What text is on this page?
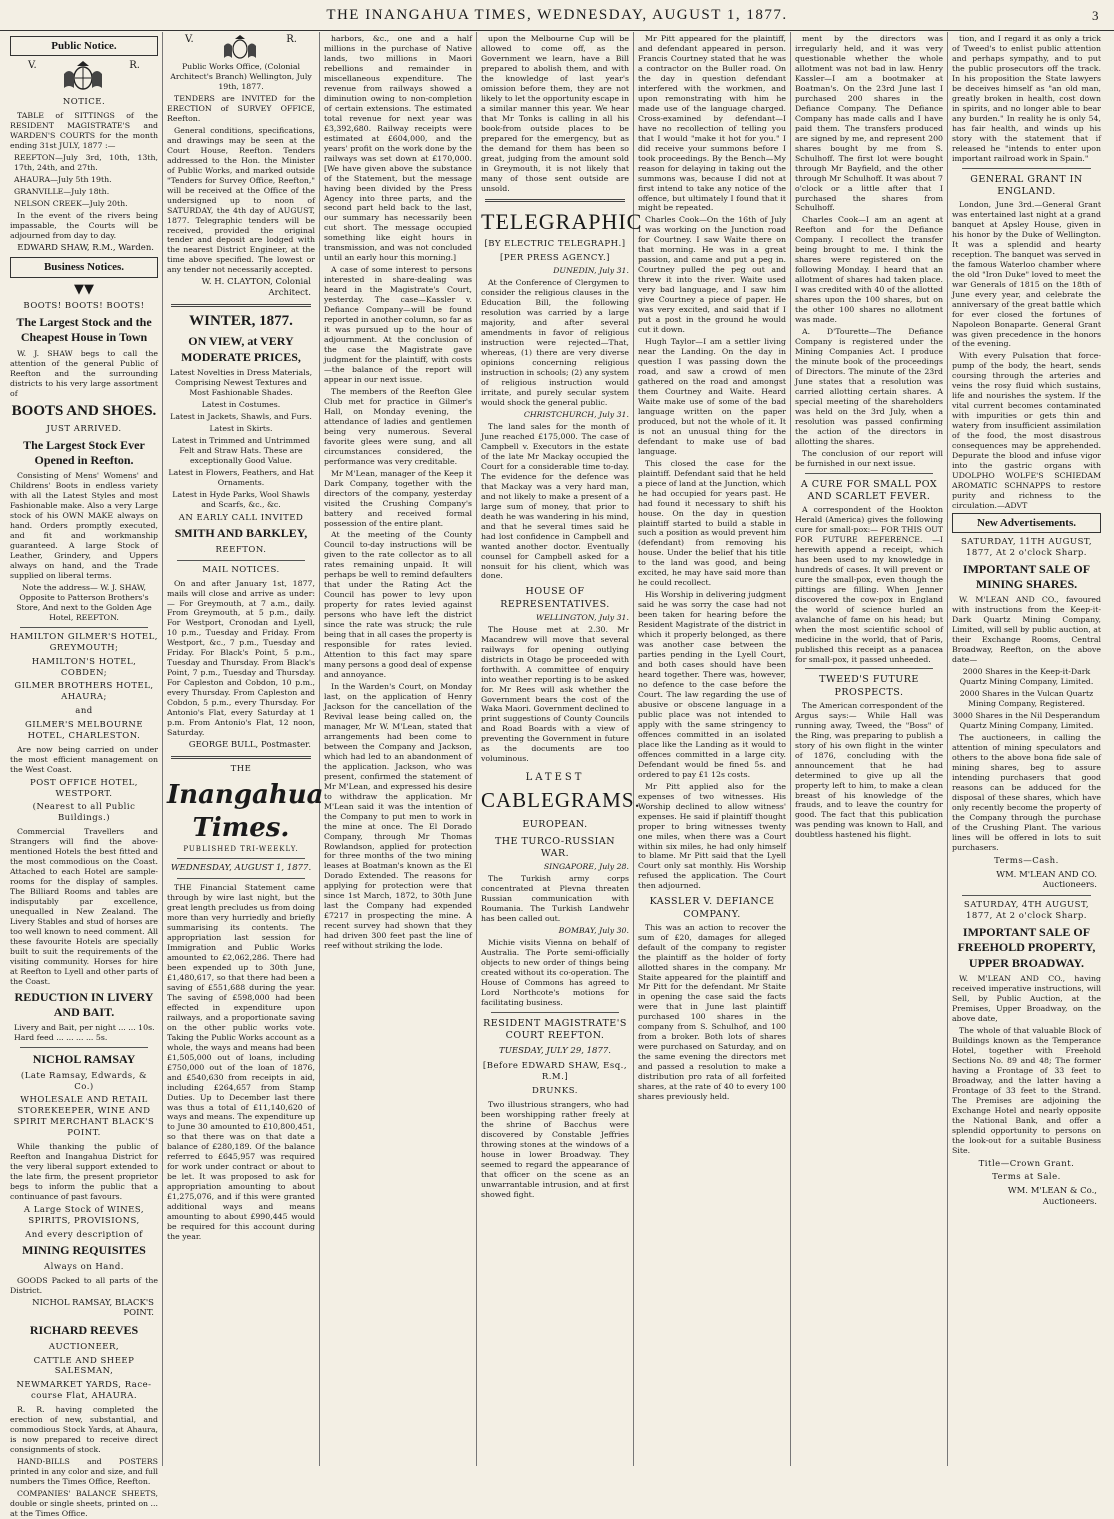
THE INANGAHUA TIMES, WEDNESDAY, AUGUST 1, 1877.	3
Public Notice.
V.	R.
NOTICE.

TABLE of SITTINGS of the RESIDENT MAGISTRATE'S and WARDEN'S COURTS for the month ending 31st JULY, 1877 :—

REEFTON—July 3rd, 10th, 13th, 17th, 24th, and 27th.

AHAURA—July 5th 19th.

GRANVILLE—July 18th.

NELSON CREEK—July 20th.

In the event of the rivers being impassable, the Courts will be adjourned from day to day.

EDWARD SHAW, R.M., Warden.
Business Notices.
▼▼
BOOTS! BOOTS! BOOTS!
The Largest Stock and the Cheapest House in Town

W. J. SHAW begs to call the attention of the general Public of Reefton and the surrounding districts to his very large assortment of

BOOTS AND SHOES.
JUST ARRIVED.
The Largest Stock Ever Opened in Reefton.

Consisting of Mens' Womens' and Childrens' Boots in endless variety with all the Latest Styles and most Fashionable make. Also a very Large stock of his OWN MAKE always on hand. Orders promptly executed, and fit and workmanship guaranteed. A large Stock of Leather, Grindery, and Uppers always on hand, and the Trade supplied on liberal terms.

Note the address— W. J. SHAW, Opposite to Patterson Brothers's Store, And next to the Golden Age Hotel, REEFTON.

HAMILTON GILMER'S HOTEL, GREYMOUTH;
HAMILTON'S HOTEL, COBDEN;
GILMER BROTHERS HOTEL, AHAURA;
and
GILMER'S MELBOURNE HOTEL, CHARLESTON.

Are now being carried on under the most efficient management on the West Coast.

POST OFFICE HOTEL, WESTPORT.
(Nearest to all Public Buildings.)

Commercial Travellers and Strangers will find the above-mentioned Hotels the best fitted and the most commodious on the Coast. Attached to each Hotel are sample-rooms for the display of samples. The Billiard Rooms and tables are indisputably par excellence, unequalled in New Zealand. The Livery Stables and stud of horses are too well known to need comment. All these favourite Hotels are specially built to suit the requirements of the visiting community. Horses for hire at Reefton to Lyell and other parts of the Coast.

REDUCTION IN LIVERY AND BAIT.
Livery and Bait, per night ... ... 10s.
Hard feed ... ... ... ... 5s.
NICHOL RAMSAY
(Late Ramsay, Edwards, & Co.)
WHOLESALE AND RETAIL STOREKEEPER, WINE AND SPIRIT MERCHANT BLACK'S POINT.

While thanking the public of Reefton and Inangahua District for the very liberal support extended to the late firm, the present proprietor begs to inform the public that a continuance of past favours.

A Large Stock of WINES, SPIRITS, PROVISIONS,
And every description of
MINING REQUISITES
Always on Hand.

GOODS Packed to all parts of the District.

NICHOL RAMSAY, BLACK'S POINT.
RICHARD REEVES
AUCTIONEER,
CATTLE AND SHEEP SALESMAN,
NEWMARKET YARDS, Race-course Flat, AHAURA.

R. R. having completed the erection of new, substantial, and commodious Stock Yards, at Ahaura, is now prepared to receive direct consignments of stock.

HAND-BILLS and POSTERS printed in any color and size, and full numbers the Times Office, Reefton.

COMPANIES' BALANCE SHEETS, double or single sheets, printed on ... at the Times Office.

V.	R.

Public Works Office, (Colonial Architect's Branch) Wellington, July 19th, 1877.

TENDERS are INVITED for the ERECTION of SURVEY OFFICE, Reefton.

General conditions, specifications, and drawings may be seen at the Court House, Reefton. Tenders addressed to the Hon. the Minister of Public Works, and marked outside "Tenders for Survey Office, Reefton," will be received at the Office of the undersigned up to noon of SATURDAY, the 4th day of AUGUST, 1877. Telegraphic tenders will be received, provided the original tender and deposit are lodged with the nearest District Engineer, at the time above specified. The lowest or any tender not necessarily accepted.

W. H. CLAYTON, Colonial Architect.
WINTER, 1877.
ON VIEW, at VERY MODERATE PRICES,

Latest Novelties in Dress Materials, Comprising Newest Textures and Most Fashionable Shades.

Latest in Costumes.

Latest in Jackets, Shawls, and Furs.

Latest in Skirts.

Latest in Trimmed and Untrimmed Felt and Straw Hats. These are exceptionally Good Value.

Latest in Flowers, Feathers, and Hat Ornaments.

Latest in Hyde Parks, Wool Shawls and Scarfs, &c., &c.

AN EARLY CALL INVITED
SMITH AND BARKLEY,
REEFTON.
MAIL NOTICES.

On and after January 1st, 1877, mails will close and arrive as under:— For Greymouth, at 7 a.m., daily. From Greymouth, at 5 p.m., daily. For Westport, Cronodan and Lyell, 10 p.m., Tuesday and Friday. From Westport, &c., 7 p.m., Tuesday and Friday. For Black's Point, 5 p.m., Tuesday and Thursday. From Black's Point, 7 p.m., Tuesday and Thursday. For Capleston and Cobdon, 10 p.m., every Thursday. From Capleston and Cobdon, 5 p.m., every Thursday. For Antonio's Flat, every Saturday at 1 p.m. From Antonio's Flat, 12 noon, Saturday.

GEORGE BULL, Postmaster.
THE
Inangahua Times.
PUBLISHED TRI-WEEKLY.
WEDNESDAY, AUGUST 1, 1877.

THE Financial Statement came through by wire last night, but the great length precludes us from doing more than very hurriedly and briefly summarising its contents. The appropriation last session for Immigration and Public Works amounted to £2,062,286. There had been expended up to 30th June, £1,480,617, so that there had been a saving of £551,688 during the year. The saving of £598,000 had been effected in expenditure upon railways, and a proportionate saving on the other public works vote. Taking the Public Works account as a whole, the ways and means had been £1,505,000 out of loans, including £750,000 out of the loan of 1876, and £540,630 from receipts in aid, including £264,657 from Stamp Duties. Up to December last there was thus a total of £11,140,620 of ways and means. The expenditure up to June 30 amounted to £10,800,451, so that there was on that date a balance of £280,189. Of the balance referred to £645,957 was required for work under contract or about to be let. It was proposed to ask for appropriation amounting to about £1,275,076, and if this were granted additional ways and means amounting to about £990,445 would be required for this account during the year.

harbors, &c., one and a half millions in the purchase of Native lands, two millions in Maori rebellions and remainder in miscellaneous expenditure. The revenue from railways showed a diminution owing to non-completion of certain extensions. The estimated total revenue for next year was £3,392,680. Railway receipts were estimated at £604,000, and the years' profit on the work done by the railways was set down at £170,000. [We have given above the substance of the Statement, but the message having been divided by the Press Agency into three parts, and the second part held back to the last, our summary has necessarily been cut short. The message occupied something like eight hours in transmission, and was not concluded until an early hour this morning.]

A case of some interest to persons interested in share-dealing was heard in the Magistrate's Court, yesterday. The case—Kassler v. Defiance Company—will be found reported in another column, so far as it was pursued up to the hour of adjournment. At the conclusion of the case the Magistrate gave judgment for the plaintiff, with costs—the balance of the report will appear in our next issue.

The members of the Reefton Glee Club met for practice in Gilmer's Hall, on Monday evening, the attendance of ladies and gentlemen being very numerous. Several favorite glees were sung, and all circumstances considered, the performance was very creditable.

Mr M'Lean, manager of the Keep it Dark Company, together with the directors of the company, yesterday visited the Crushing Company's battery and received formal possession of the entire plant.

At the meeting of the County Council to-day instructions will be given to the rate collector as to all rates remaining unpaid. It will perhaps be well to remind defaulters that under the Rating Act the Council has power to levy upon property for rates levied against persons who have left the district since the rate was struck; the rule being that in all cases the property is responsible for rates levied. Attention to this fact may spare many persons a good deal of expense and annoyance.

In the Warden's Court, on Monday last, on the application of Henry Jackson for the cancellation of the Revival lease being called on, the manager, Mr W. M'Lean, stated that arrangements had been come to between the Company and Jackson, which had led to an abandonment of the application. Jackson, who was present, confirmed the statement of Mr M'Lean, and expressed his desire to withdraw the application. Mr M'Lean said it was the intention of the Company to put men to work in the mine at once. The El Dorado Company, through Mr Thomas Rowlandson, applied for protection for three months of the two mining leases at Boatman's known as the El Dorado Extended. The reasons for applying for protection were that since 1st March, 1872, to 30th June last the Company had expended £7217 in prospecting the mine. A recent survey had shown that they had driven 300 feet past the line of reef without striking the lode.

upon the Melbourne Cup will be allowed to come off, as the Government we learn, have a Bill prepared to abolish them, and with the knowledge of last year's omission before them, they are not likely to let the opportunity escape in a similar manner this year. We hear that Mr Tonks is calling in all his book-from outside places to be prepared for the emergency, but as the demand for them has been so great, judging from the amount sold in Greymouth, it is not likely that many of those sent outside are unsold.

TELEGRAPHIC
[BY ELECTRIC TELEGRAPH.]
[PER PRESS AGENCY.]
DUNEDIN, July 31.

At the Conference of Clergymen to consider the religious clauses in the Education Bill, the following resolution was carried by a large majority, and after several amendments in favor of religious instruction were rejected—That, whereas, (1) there are very diverse opinions concerning religious instruction in schools; (2) any system of religious instruction would irritate, and purely secular system would shock the general public.

CHRISTCHURCH, July 31.

The land sales for the month of June reached £175,000. The case of Campbell v. Executors in the estate of the late Mr Mackay occupied the Court for a considerable time to-day. The evidence for the defence was that Mackay was a very hard man, and not likely to make a present of a large sum of money, that prior to death he was wandering in his mind, and that he several times said he had lost confidence in Campbell and wanted another doctor. Eventually counsel for Campbell asked for a nonsuit for his client, which was done.

HOUSE OF REPRESENTATIVES.
WELLINGTON, July 31.

The House met at 2.30. Mr Macandrew will move that several railways for opening outlying districts in Otago be proceeded with forthwith. A committee of enquiry into weather reporting is to be asked for. Mr Rees will ask whether the Government bears the cost of the Waka Maori. Government declined to print suggestions of County Councils and Road Boards with a view of preventing the Government in future as the documents are too voluminous.

LATEST
CABLEGRAMS.
EUROPEAN.
THE TURCO-RUSSIAN WAR.
SINGAPORE, July 28.

The Turkish army corps concentrated at Plevna threaten Russian communication with Roumania. The Turkish Landwehr has been called out.

BOMBAY, July 30.

Michie visits Vienna on behalf of Australia. The Porte semi-officially objects to new order of things being created without its co-operation. The House of Commons has agreed to Lord Northcote's motions for facilitating business.

RESIDENT MAGISTRATE'S COURT REEFTON.
TUESDAY, JULY 29, 1877.
[Before EDWARD SHAW, Esq., R.M.]
DRUNKS.

Two illustrious strangers, who had been worshipping rather freely at the shrine of Bacchus were discovered by Constable Jeffries throwing stones at the windows of a house in lower Broadway. They seemed to regard the appearance of that officer on the scene as an unwarrantable intrusion, and at first showed fight.

Mr Pitt appeared for the plaintiff, and defendant appeared in person. Francis Courtney stated that he was a contractor on the Buller road. On the day in question defendant interfered with the workmen, and upon remonstrating with him he made use of the language charged. Cross-examined by defendant—I have no recollection of telling you that I would "make it hot for you." I did receive your summons before I took proceedings. By the Bench—My reason for delaying in taking out the summons was, because I did not at first intend to take any notice of the offence, but ultimately I found that it might be repeated.

Charles Cook—On the 16th of July I was working on the Junction road for Courtney. I saw Waite there on that morning. He was in a great passion, and came and put a peg in. Courtney pulled the peg out and threw it into the river. Waite used very bad language, and I saw him give Courtney a piece of paper. He was very excited, and said that if I put a post in the ground he would cut it down.

Hugh Taylor—I am a settler living near the Landing. On the day in question I was passing down the road, and saw a crowd of men gathered on the road and amongst them Courtney and Waite. Heard Waite make use of some of the bad language written on the paper produced, but not the whole of it. It is not an unusual thing for the defendant to make use of bad language.

This closed the case for the plaintiff. Defendant said that he held a piece of land at the Junction, which he had occupied for years past. He had found it necessary to shift his house. On the day in question plaintiff started to build a stable in such a position as would prevent him (defendant) from removing his house. Under the belief that his title to the land was good, and being excited, he may have said more than he could recollect.

His Worship in delivering judgment said he was sorry the case had not been taken for hearing before the Resident Magistrate of the district in which it properly belonged, as there was another case between the parties pending in the Lyell Court, and both cases should have been heard together. There was, however, no defence to the case before the Court. The law regarding the use of abusive or obscene language in a public place was not intended to apply with the same stringency to offences committed in an isolated place like the Landing as it would to offences committed in a large city. Defendant would be fined 5s. and ordered to pay £1 12s costs.

Mr Pitt applied also for the expenses of two witnesses. His Worship declined to allow witness' expenses. He said if plaintiff thought proper to bring witnesses twenty one miles, when there was a Court within six miles, he had only himself to blame. Mr Pitt said that the Lyell Court only sat monthly. His Worship refused the application. The Court then adjourned.

KASSLER V. DEFIANCE COMPANY.

This was an action to recover the sum of £20, damages for alleged default of the company to register the plaintiff as the holder of forty allotted shares in the company. Mr Staite appeared for the plaintiff and Mr Pitt for the defendant. Mr Staite in opening the case said the facts were that in June last plaintiff purchased 100 shares in the company from S. Schulhof, and 100 from a broker. Both lots of shares were purchased on Saturday, and on the same evening the directors met and passed a resolution to make a distribution pro rata of all forfeited shares, at the rate of 40 to every 100 shares previously held.

ment by the directors was irregularly held, and it was very questionable whether the whole allotment was not bad in law. Henry Kassler—I am a bootmaker at Boatman's. On the 23rd June last I purchased 200 shares in the Defiance Company. The Defiance Company has made calls and I have paid them. The transfers produced are signed by me, and represent 200 shares bought by me from S. Schulhoff. The first lot were bought through Mr Bayfield, and the other through Mr Schulhoff. It was about 7 o'clock or a little after that I purchased the shares from Schulhoff.

Charles Cook—I am an agent at Reefton and for the Defiance Company. I recollect the transfer being brought to me. I think the shares were registered on the following Monday. I heard that an allotment of shares had taken place. I was credited with 40 of the allotted shares upon the 100 shares, but on the other 100 shares no allotment was made.

A. D'Tourette—The Defiance Company is registered under the Mining Companies Act. I produce the minute book of the proceedings of Directors. The minute of the 23rd June states that a resolution was carried allotting certain shares. A special meeting of the shareholders was held on the 3rd July, when a resolution was passed confirming the action of the directors in allotting the shares.

The conclusion of our report will be furnished in our next issue.

A CURE FOR SMALL POX AND SCARLET FEVER.

A correspondent of the Hookton Herald (America) gives the following cure for small-pox:— FOR THIS OUT FOR FUTURE REFERENCE. —I herewith append a receipt, which has been used to my knowledge in hundreds of cases. It will prevent or cure the small-pox, even though the pittings are filling. When Jenner discovered the cow-pox in England the world of science hurled an avalanche of fame on his head; but when the most scientific school of medicine in the world, that of Paris, published this receipt as a panacea for small-pox, it passed unheeded.

TWEED'S FUTURE PROSPECTS.

The American correspondent of the Argus says:— While Hall was running away, Tweed, the "Boss" of the Ring, was preparing to publish a story of his own flight in the winter of 1876, concluding with the announcement that he had determined to give up all the property left to him, to make a clean breast of his knowledge of the frauds, and to leave the country for good. The fact that this publication was pending was known to Hall, and doubtless hastened his flight.

tion, and I regard it as only a trick of Tweed's to enlist public attention and perhaps sympathy, and to put the public prosecutors off the track. In his proposition the State lawyers be deceives himself as "an old man, greatly broken in health, cost down in spirits, and no longer able to bear any burden." In reality he is only 54, has fair health, and winds up his story with the statement that if released he "intends to enter upon important railroad work in Spain."

GENERAL GRANT IN ENGLAND.

London, June 3rd.—General Grant was entertained last night at a grand banquet at Apsley House, given in his honor by the Duke of Wellington. It was a splendid and hearty reception. The banquet was served in the famous Waterloo chamber where the old "Iron Duke" loved to meet the war Generals of 1815 on the 18th of June every year, and celebrate the anniversary of the great battle which for ever closed the fortunes of Napoleon Bonaparte. General Grant was given precedence in the honors of the evening.

With every Pulsation that force-pump of the body, the heart, sends coursing through the arteries and veins the rosy fluid which sustains, life and nourishes the system. If the vital current becomes contaminated with impurities or gets thin and watery from insufficient assimilation of the food, the most disastrous consequences may be apprehended. Depurate the blood and infuse vigor into the gastric organs with UDOLPHO WOLFE'S SCHIEDAM AROMATIC SCHNAPPS to restore purity and richness to the circulation.—ADVT

New Advertisements.
SATURDAY, 11TH AUGUST, 1877, At 2 o'clock Sharp.
IMPORTANT SALE OF MINING SHARES.

W. M'LEAN AND CO., favoured with instructions from the Keep-it-Dark Quartz Mining Company, Limited, will sell by public auction, at their Exchange Rooms, Central Broadway, Reefton, on the above date—

2000 Shares in the Keep-it-Dark Quartz Mining Company, Limited.

2000 Shares in the Vulcan Quartz Mining Company, Registered.

3000 Shares in the Nil Desperandum Quartz Mining Company, Limited.

The auctioneers, in calling the attention of mining speculators and others to the above bona fide sale of mining shares, beg to assure intending purchasers that good reasons can be adduced for the disposal of these shares, which have only recently become the property of the Company through the purchase of the Crushing Plant. The various lines will be offered in lots to suit purchasers.

Terms—Cash.
WM. M'LEAN AND CO. Auctioneers.
SATURDAY, 4TH AUGUST, 1877, At 2 o'clock Sharp.
IMPORTANT SALE OF FREEHOLD PROPERTY, UPPER BROADWAY.

W. M'LEAN AND CO., having received imperative instructions, will Sell, by Public Auction, at the Premises, Upper Broadway, on the above date,

The whole of that valuable Block of Buildings known as the Temperance Hotel, together with Freehold Sections No. 89 and 48; The former having a Frontage of 33 feet to Broadway, and the latter having a Frontage of 33 feet to the Strand. The Premises are adjoining the Exchange Hotel and nearly opposite the National Bank, and offer a splendid opportunity to persons on the look-out for a suitable Business Site.

Title—Crown Grant.
Terms at Sale.
WM. M'LEAN & Co., Auctioneers.
